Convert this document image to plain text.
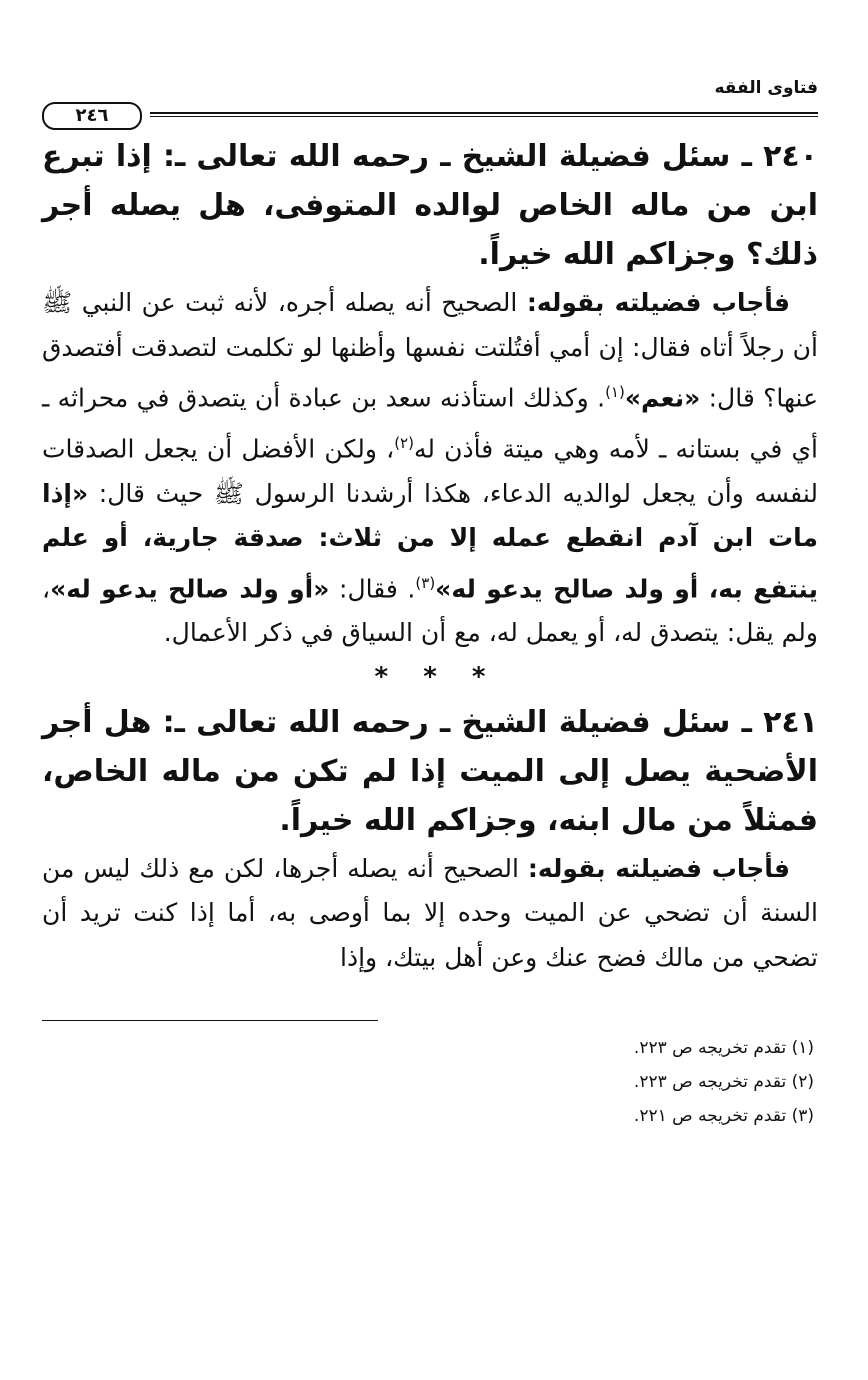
فتاوى الفقه
٢٤٦

٢٤٠ ـ سئل فضيلة الشيخ ـ رحمه الله تعالى ـ: إذا تبرع ابن من ماله الخاص لوالده المتوفى، هل يصله أجر ذلك؟ وجزاكم الله خيراً.

فأجاب فضيلته بقوله: الصحيح أنه يصله أجره، لأنه ثبت عن النبي ﷺ أن رجلاً أتاه فقال: إن أمي أفتُلتت نفسها وأظنها لو تكلمت لتصدقت أفتصدق عنها؟ قال: «نعم»$^{(١)}$. وكذلك استأذنه سعد بن عبادة أن يتصدق في محراثه ـ أي في بستانه ـ لأمه وهي ميتة فأذن له$^{(٢)}$، ولكن الأفضل أن يجعل الصدقات لنفسه وأن يجعل لوالديه الدعاء، هكذا أرشدنا الرسول ﷺ حيث قال: «إذا مات ابن آدم انقطع عمله إلا من ثلاث: صدقة جارية، أو علم ينتفع به، أو ولد صالح يدعو له»$^{(٣)}$. فقال: «أو ولد صالح يدعو له»، ولم يقل: يتصدق له، أو يعمل له، مع أن السياق في ذكر الأعمال.

* * *

٢٤١ ـ سئل فضيلة الشيخ ـ رحمه الله تعالى ـ: هل أجر الأضحية يصل إلى الميت إذا لم تكن من ماله الخاص، فمثلاً من مال ابنه، وجزاكم الله خيراً.

فأجاب فضيلته بقوله: الصحيح أنه يصله أجرها، لكن مع ذلك ليس من السنة أن تضحي عن الميت وحده إلا بما أوصى به، أما إذا كنت تريد أن تضحي من مالك فضح عنك وعن أهل بيتك، وإذا

(١) تقدم تخريجه ص ٢٢٣.
(٢) تقدم تخريجه ص ٢٢٣.
(٣) تقدم تخريجه ص ٢٢١.
